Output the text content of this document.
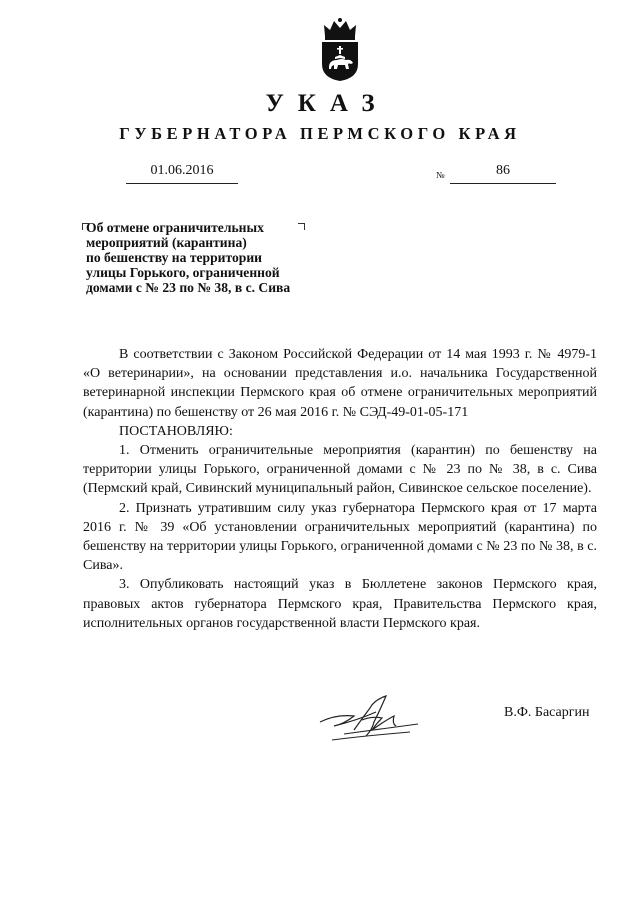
УКАЗ
ГУБЕРНАТОРА ПЕРМСКОГО КРАЯ
01.06.2016	№	86
Об отмене ограничительных
мероприятий (карантина)
по бешенству на территории
улицы Горького, ограниченной
домами с № 23 по № 38, в с. Сива

В соответствии с Законом Российской Федерации от 14 мая 1993 г. № 4979-1 «О ветеринарии», на основании представления и.о. начальника Государственной ветеринарной инспекции Пермского края об отмене ограничительных мероприятий (карантина) по бешенству от 26 мая 2016 г. № СЭД-49-01-05-171

ПОСТАНОВЛЯЮ:

1. Отменить ограничительные мероприятия (карантин) по бешенству на территории улицы Горького, ограниченной домами с № 23 по № 38, в с. Сива (Пермский край, Сивинский муниципальный район, Сивинское сельское поселение).

2. Признать утратившим силу указ губернатора Пермского края от 17 марта 2016 г. № 39 «Об установлении ограничительных мероприятий (карантина) по бешенству на территории улицы Горького, ограниченной домами с № 23 по № 38, в с. Сива».

3. Опубликовать настоящий указ в Бюллетене законов Пермского края, правовых актов губернатора Пермского края, Правительства Пермского края, исполнительных органов государственной власти Пермского края.

В.Ф. Басаргин
